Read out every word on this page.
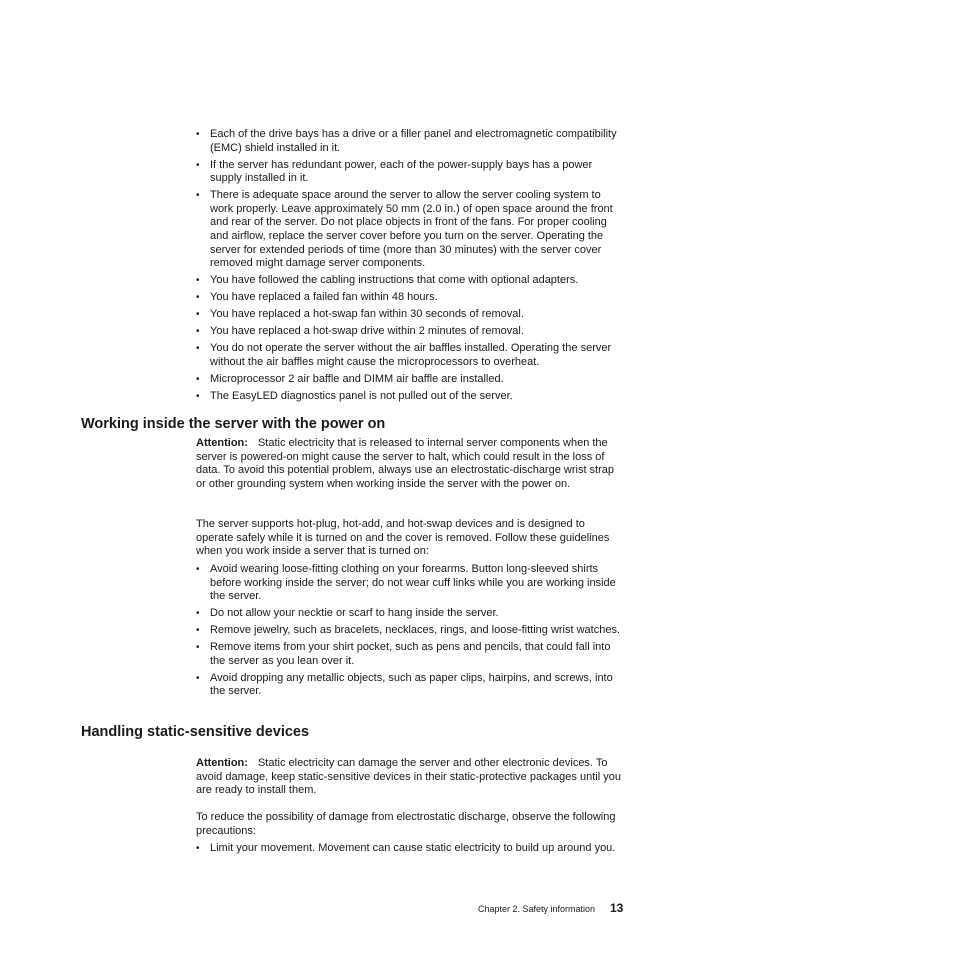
• Each of the drive bays has a drive or a filler panel and electromagnetic compatibility (EMC) shield installed in it.
• If the server has redundant power, each of the power-supply bays has a power supply installed in it.
• There is adequate space around the server to allow the server cooling system to work properly. Leave approximately 50 mm (2.0 in.) of open space around the front and rear of the server. Do not place objects in front of the fans. For proper cooling and airflow, replace the server cover before you turn on the server. Operating the server for extended periods of time (more than 30 minutes) with the server cover removed might damage server components.
• You have followed the cabling instructions that come with optional adapters.
• You have replaced a failed fan within 48 hours.
• You have replaced a hot-swap fan within 30 seconds of removal.
• You have replaced a hot-swap drive within 2 minutes of removal.
• You do not operate the server without the air baffles installed. Operating the server without the air baffles might cause the microprocessors to overheat.
• Microprocessor 2 air baffle and DIMM air baffle are installed.
• The EasyLED diagnostics panel is not pulled out of the server.
Working inside the server with the power on

Attention: Static electricity that is released to internal server components when the server is powered-on might cause the server to halt, which could result in the loss of data. To avoid this potential problem, always use an electrostatic-discharge wrist strap or other grounding system when working inside the server with the power on.

The server supports hot-plug, hot-add, and hot-swap devices and is designed to operate safely while it is turned on and the cover is removed. Follow these guidelines when you work inside a server that is turned on:

• Avoid wearing loose-fitting clothing on your forearms. Button long-sleeved shirts before working inside the server; do not wear cuff links while you are working inside the server.
• Do not allow your necktie or scarf to hang inside the server.
• Remove jewelry, such as bracelets, necklaces, rings, and loose-fitting wrist watches.
• Remove items from your shirt pocket, such as pens and pencils, that could fall into the server as you lean over it.
• Avoid dropping any metallic objects, such as paper clips, hairpins, and screws, into the server.
Handling static-sensitive devices

Attention: Static electricity can damage the server and other electronic devices. To avoid damage, keep static-sensitive devices in their static-protective packages until you are ready to install them.

To reduce the possibility of damage from electrostatic discharge, observe the following precautions:

• Limit your movement. Movement can cause static electricity to build up around you.
Chapter 2. Safety information 13
